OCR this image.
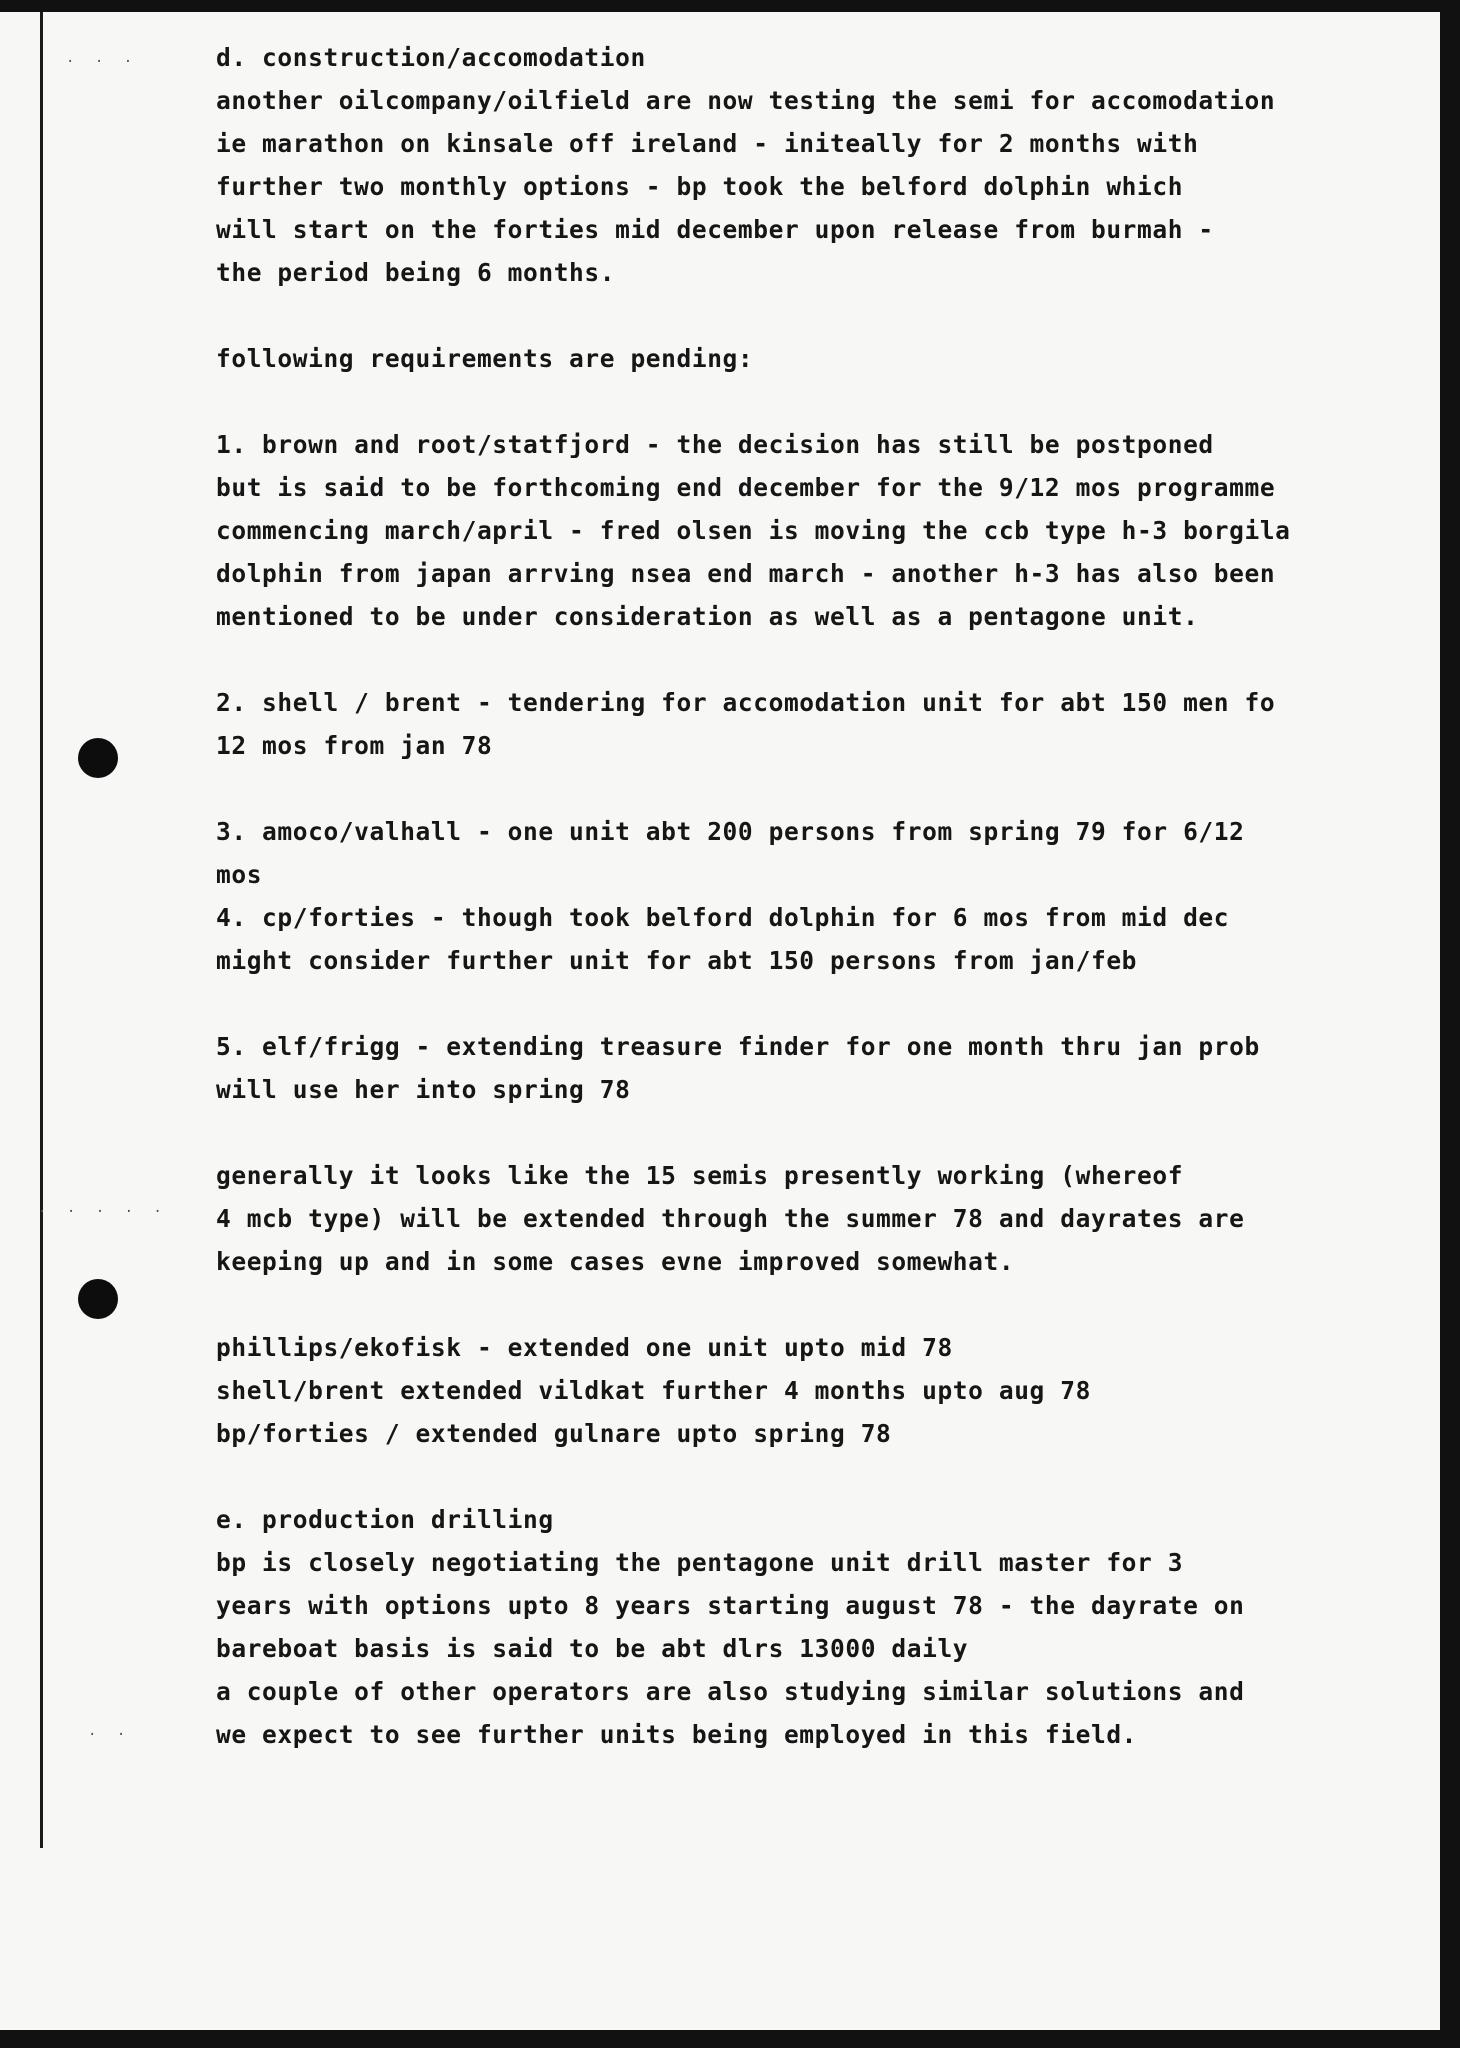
· · ·
· · · · ·
· ·
d. construction/accomodation
another oilcompany/oilfield are now testing the semi for accomodation
ie marathon on kinsale off ireland - initeally for 2 months with
further two monthly options - bp took the belford dolphin which
will start on the forties mid december upon release from burmah -
the period being 6 months.
following requirements are pending:
1. brown and root/statfjord - the decision has still be postponed
but is said to be forthcoming end december for the 9/12 mos programme
commencing march/april - fred olsen is moving the ccb type h-3 borgila
dolphin from japan arrving nsea end march - another h-3 has also been
mentioned to be under consideration as well as a pentagone unit.
2. shell / brent - tendering for accomodation unit for abt 150 men fo
12 mos from jan 78
3. amoco/valhall - one unit abt 200 persons from spring 79 for 6/12
mos
4. cp/forties - though took belford dolphin for 6 mos from mid dec
might consider further unit for abt 150 persons from jan/feb
5. elf/frigg - extending treasure finder for one month thru jan prob
will use her into spring 78
generally it looks like the 15 semis presently working (whereof
4 mcb type) will be extended through the summer 78 and dayrates are
keeping up and in some cases evne improved somewhat.
phillips/ekofisk - extended one unit upto mid 78
shell/brent extended vildkat further 4 months upto aug 78
bp/forties / extended gulnare upto spring 78
e. production drilling
bp is closely negotiating the pentagone unit drill master for 3
years with options upto 8 years starting august 78 - the dayrate on
bareboat basis is said to be abt dlrs 13000 daily
a couple of other operators are also studying similar solutions and
we expect to see further units being employed in this field.
